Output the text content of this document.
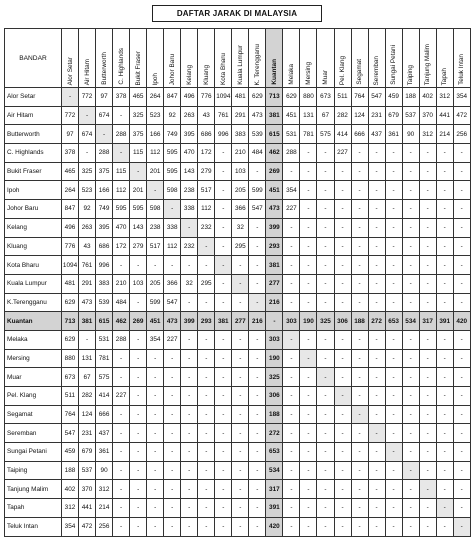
DAFTAR JARAK DI MALAYSIA
BANDAR	Alor Setar	Air Hitam	Butterworth	C. Highlands	Bukit Fraser	Ipoh	Johor Baru	Kelang	Kluang	Kota Bharu	Kuala Lumpur	K. Terengganu	Kuantan	Melaka	Mersing	Muar	Pel. Klang	Segamat	Seremban	Sungai Petani	Taiping	Tanjung Malim	Tapah	Teluk Intan
Alor Setar	-	772	97	378	465	264	847	496	776	1094	481	629	713	629	880	673	511	764	547	459	188	402	312	354
Air Hitam	772	-	674	-	325	523	92	263	43	761	291	473	381	451	131	67	282	124	231	679	537	370	441	472
Butterworth	97	674	-	288	375	166	749	395	686	996	383	539	615	531	781	575	414	666	437	361	90	312	214	256
C. Highlands	378	-	288	-	115	112	595	470	172	-	210	484	462	288	-	-	227	-	-	-	-	-	-	-
Bukit Fraser	465	325	375	115	-	201	595	143	279	-	103	-	269	-	-	-	-	-	-	-	-	-	-	-
Ipoh	264	523	166	112	201	-	598	238	517	-	205	599	451	354	-	-	-	-	-	-	-	-	-	-
Johor Baru	847	92	749	595	595	598	-	338	112	-	366	547	473	227	-	-	-	-	-	-	-	-	-	-
Kelang	496	263	395	470	143	238	338	-	232	-	32	-	399	-	-	-	-	-	-	-	-	-	-	-
Kluang	776	43	686	172	279	517	112	232	-	-	295	-	293	-	-	-	-	-	-	-	-	-	-	-
Kota Bharu	1094	761	996	-	-	-	-	-	-	-	-	-	381	-	-	-	-	-	-	-	-	-	-	-
Kuala Lumpur	481	291	383	210	103	205	366	32	295	-	-	-	277	-	-	-	-	-	-	-	-	-	-	-
K.Terengganu	629	473	539	484	-	599	547	-	-	-	-	-	216	-	-	-	-	-	-	-	-	-	-	-
Kuantan	713	381	615	462	269	451	473	399	293	381	277	216	-	303	190	325	306	188	272	653	534	317	391	420
Melaka	629	-	531	288	-	354	227	-	-	-	-	-	303	-	-	-	-	-	-	-	-	-	-	-
Mersing	880	131	781	-	-	-	-	-	-	-	-	-	190	-	-	-	-	-	-	-	-	-	-	-
Muar	673	67	575	-	-	-	-	-	-	-	-	-	325	-	-	-	-	-	-	-	-	-	-	-
Pel. Klang	511	282	414	227	-	-	-	-	-	-	-	-	306	-	-	-	-	-	-	-	-	-	-	-
Segamat	764	124	666	-	-	-	-	-	-	-	-	-	188	-	-	-	-	-	-	-	-	-	-	-
Seremban	547	231	437	-	-	-	-	-	-	-	-	-	272	-	-	-	-	-	-	-	-	-	-	-
Sungai Petani	459	679	361	-	-	-	-	-	-	-	-	-	653	-	-	-	-	-	-	-	-	-	-	-
Taiping	188	537	90	-	-	-	-	-	-	-	-	-	534	-	-	-	-	-	-	-	-	-	-	-
Tanjung Malim	402	370	312	-	-	-	-	-	-	-	-	-	317	-	-	-	-	-	-	-	-	-	-	-
Tapah	312	441	214	-	-	-	-	-	-	-	-	-	391	-	-	-	-	-	-	-	-	-	-	-
Teluk Intan	354	472	256	-	-	-	-	-	-	-	-	-	420	-	-	-	-	-	-	-	-	-	-	-
